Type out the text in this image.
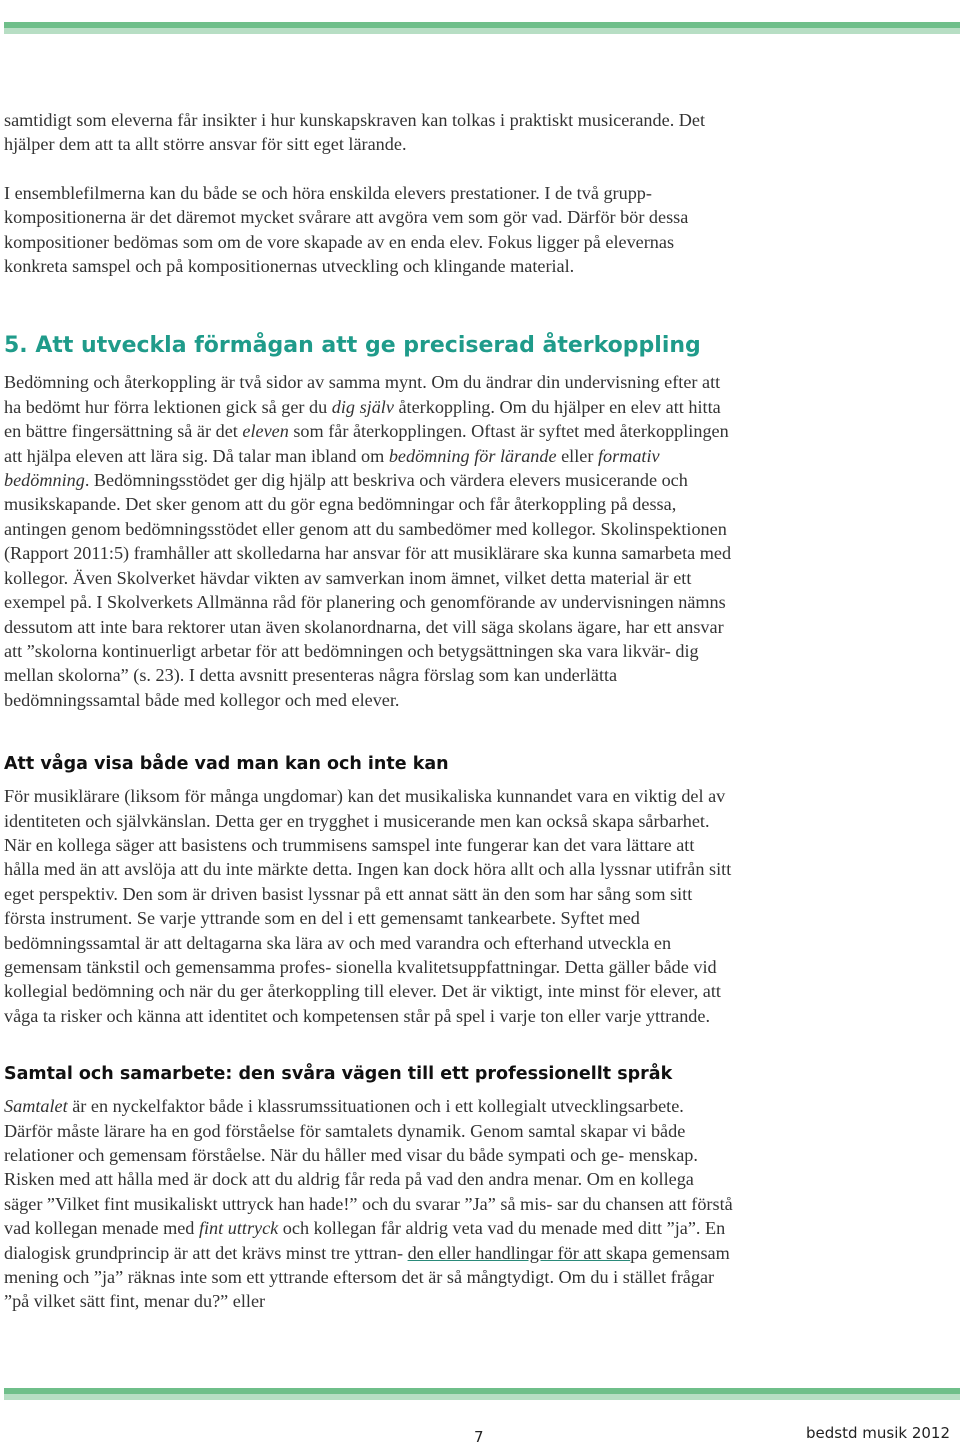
samtidigt som eleverna får insikter i hur kunskapskraven kan tolkas i praktiskt musicerande. Det hjälper dem att ta allt större ansvar för sitt eget lärande.

I ensemblefilmerna kan du både se och höra enskilda elevers prestationer. I de två grupp- kompositionerna är det däremot mycket svårare att avgöra vem som gör vad. Därför bör dessa kompositioner bedömas som om de vore skapade av en enda elev. Fokus ligger på elevernas konkreta samspel och på kompositionernas utveckling och klingande material.

5. Att utveckla förmågan att ge preciserad återkoppling

Bedömning och återkoppling är två sidor av samma mynt. Om du ändrar din undervisning efter att ha bedömt hur förra lektionen gick så ger du dig själv återkoppling. Om du hjälper en elev att hitta en bättre fingersättning så är det eleven som får återkopplingen. Oftast är syftet med återkopplingen att hjälpa eleven att lära sig. Då talar man ibland om bedömning för lärande eller formativ bedömning. Bedömningsstödet ger dig hjälp att beskriva och värdera elevers musicerande och musikskapande. Det sker genom att du gör egna bedömningar och får återkoppling på dessa, antingen genom bedömningsstödet eller genom att du sambedömer med kollegor. Skolinspektionen (Rapport 2011:5) framhåller att skolledarna har ansvar för att musiklärare ska kunna samarbeta med kollegor. Även Skolverket hävdar vikten av samverkan inom ämnet, vilket detta material är ett exempel på. I Skolverkets Allmänna råd för planering och genomförande av undervisningen nämns dessutom att inte bara rektorer utan även skolanordnarna, det vill säga skolans ägare, har ett ansvar att ”skolorna kontinuerligt arbetar för att bedömningen och betygsättningen ska vara likvär- dig mellan skolorna” (s. 23). I detta avsnitt presenteras några förslag som kan underlätta bedömningssamtal både med kollegor och med elever.

Att våga visa både vad man kan och inte kan

För musiklärare (liksom för många ungdomar) kan det musikaliska kunnandet vara en viktig del av identiteten och självkänslan. Detta ger en trygghet i musicerande men kan också skapa sårbarhet. När en kollega säger att basistens och trummisens samspel inte fungerar kan det vara lättare att hålla med än att avslöja att du inte märkte detta. Ingen kan dock höra allt och alla lyssnar utifrån sitt eget perspektiv. Den som är driven basist lyssnar på ett annat sätt än den som har sång som sitt första instrument. Se varje yttrande som en del i ett gemensamt tankearbete. Syftet med bedömningssamtal är att deltagarna ska lära av och med varandra och efterhand utveckla en gemensam tänkstil och gemensamma profes- sionella kvalitetsuppfattningar. Detta gäller både vid kollegial bedömning och när du ger återkoppling till elever. Det är viktigt, inte minst för elever, att våga ta risker och känna att identitet och kompetensen står på spel i varje ton eller varje yttrande.

Samtal och samarbete: den svåra vägen till ett professionellt språk

Samtalet är en nyckelfaktor både i klassrumssituationen och i ett kollegialt utvecklingsarbete. Därför måste lärare ha en god förståelse för samtalets dynamik. Genom samtal skapar vi både relationer och gemensam förståelse. När du håller med visar du både sympati och ge- menskap. Risken med att hålla med är dock att du aldrig får reda på vad den andra menar. Om en kollega säger ”Vilket fint musikaliskt uttryck han hade!” och du svarar ”Ja” så mis- sar du chansen att förstå vad kollegan menade med fint uttryck och kollegan får aldrig veta vad du menade med ditt ”ja”. En dialogisk grundprincip är att det krävs minst tre yttran- den eller handlingar för att skapa gemensam mening och ”ja” räknas inte som ett yttrande eftersom det är så mångtydigt. Om du i stället frågar ”på vilket sätt fint, menar du?” eller

7	bedstd musik 2012
